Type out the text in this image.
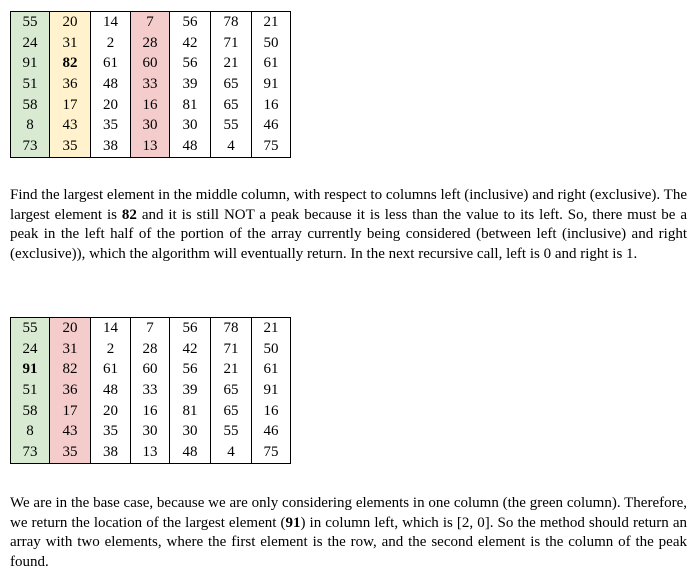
55	20	14	7	56	78	21
24	31	2	28	42	71	50
91	82	61	60	56	21	61
51	36	48	33	39	65	91
58	17	20	16	81	65	16
8	43	35	30	30	55	46
73	35	38	13	48	4	75

Find the largest element in the middle column, with respect to columns left (inclusive) and right (exclusive). The largest element is 82 and it is still NOT a peak because it is less than the value to its left. So, there must be a peak in the left half of the portion of the array currently being considered (between left (inclusive) and right (exclusive)), which the algorithm will eventually return. In the next recursive call, left is 0 and right is 1.

55	20	14	7	56	78	21
24	31	2	28	42	71	50
91	82	61	60	56	21	61
51	36	48	33	39	65	91
58	17	20	16	81	65	16
8	43	35	30	30	55	46
73	35	38	13	48	4	75

We are in the base case, because we are only considering elements in one column (the green column). Therefore, we return the location of the largest element (91) in column left, which is [2, 0]. So the method should return an array with two elements, where the first element is the row, and the second element is the column of the peak found.
